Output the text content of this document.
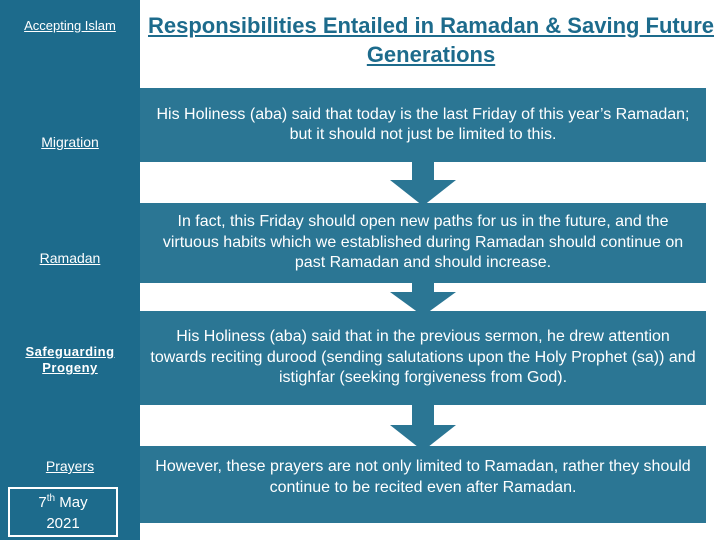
Accepting Islam
Migration
Ramadan
Safeguarding Progeny
Prayers
7th May
2021
Responsibilities Entailed in Ramadan & Saving Future Generations
His Holiness (aba) said that today is the last Friday of this year’s Ramadan; but it should not just be limited to this.
In fact, this Friday should open new paths for us in the future, and the virtuous habits which we established during Ramadan should continue on past Ramadan and should increase.
His Holiness (aba) said that in the previous sermon, he drew attention towards reciting durood (sending salutations upon the Holy Prophet (sa)) and istighfar (seeking forgiveness from God).
However, these prayers are not only limited to Ramadan, rather they should continue to be recited even after Ramadan.
